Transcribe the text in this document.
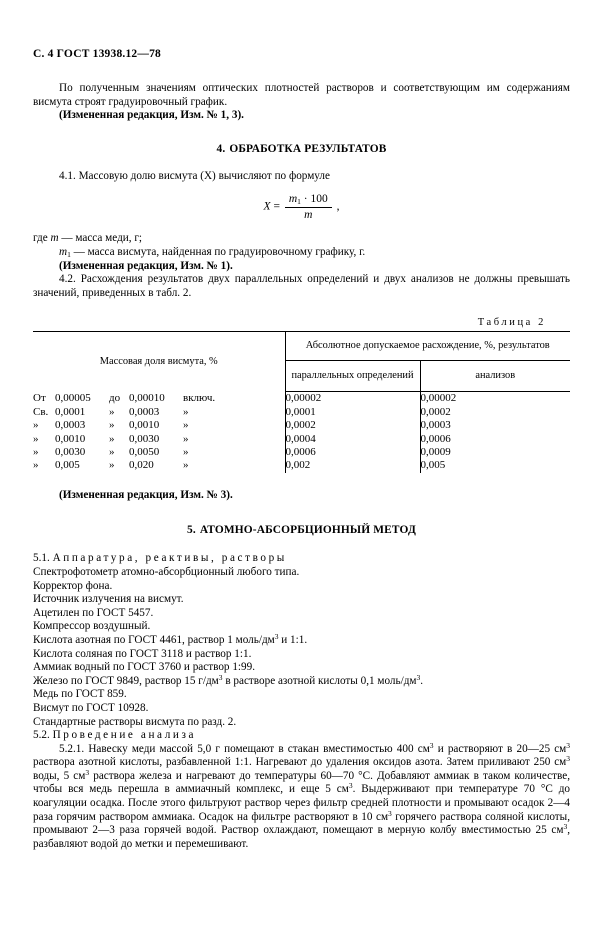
С. 4 ГОСТ 13938.12—78

По полученным значениям оптических плотностей растворов и соответствующим им содержаниям висмута строят градуировочный график.

(Измененная редакция, Изм. № 1, 3).

4. ОБРАБОТКА РЕЗУЛЬТАТОВ

4.1. Массовую долю висмута (X) вычисляют по формуле

$X = \frac{m_1 \cdot 100}{m}$ ,

где m — масса меди, г;

$m_1$ — масса висмута, найденная по градуировочному графику, г.

(Измененная редакция, Изм. № 1).

4.2. Расхождения результатов двух параллельных определений и двух анализов не должны превышать значений, приведенных в табл. 2.

Таблица 2
Массовая доля висмута, %	Абсолютное допускаемое расхождение, %, результатов	
	параллельных определений	анализов
От 0,00005 до 0,00010 включ.	0,00002	0,00002
Св. 0,0001 » 0,0003 »	0,0001	0,0002
» 0,0003 » 0,0010 »	0,0002	0,0003
» 0,0010 » 0,0030 »	0,0004	0,0006
» 0,0030 » 0,0050 »	0,0006	0,0009
» 0,005 » 0,020 »	0,002	0,005

(Измененная редакция, Изм. № 3).

5. АТОМНО-АБСОРБЦИОННЫЙ МЕТОД

5.1. Аппаратура, реактивы, растворы

Спектрофотометр атомно-абсорбционный любого типа.

Корректор фона.

Источник излучения на висмут.

Ацетилен по ГОСТ 5457.

Компрессор воздушный.

Кислота азотная по ГОСТ 4461, раствор 1 моль/$дм^3$ и 1:1.

Кислота соляная по ГОСТ 3118 и раствор 1:1.

Аммиак водный по ГОСТ 3760 и раствор 1:99.

Железо по ГОСТ 9849, раствор 15 $г/дм^3$ в растворе азотной кислоты 0,1 моль/$дм^3$.

Медь по ГОСТ 859.

Висмут по ГОСТ 10928.

Стандартные растворы висмута по разд. 2.

5.2. Проведение анализа

5.2.1. Навеску меди массой 5,0 г помещают в стакан вместимостью 400 $см^3$ и растворяют в 20—25 $см^3$ раствора азотной кислоты, разбавленной 1:1. Нагревают до удаления оксидов азота. Затем приливают 250 $см^3$ воды, 5 $см^3$ раствора железа и нагревают до температуры 60—70 °С. Добавляют аммиак в таком количестве, чтобы вся медь перешла в аммиачный комплекс, и еще 5 $см^3$. Выдерживают при температуре 70 °С до коагуляции осадка. После этого фильтруют раствор через фильтр средней плотности и промывают осадок 2—4 раза горячим раствором аммиака. Осадок на фильтре растворяют в 10 $см^3$ горячего раствора соляной кислоты, промывают 2—3 раза горячей водой. Раствор охлаждают, помещают в мерную колбу вместимостью 25 $см^3$, разбавляют водой до метки и перемешивают.
